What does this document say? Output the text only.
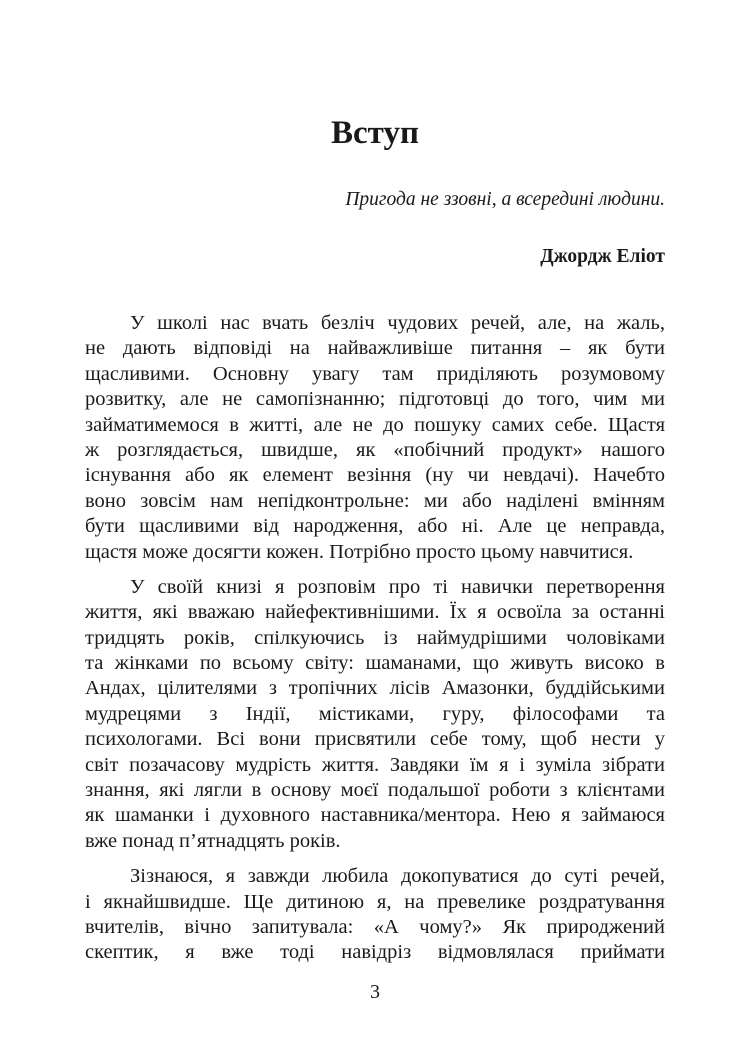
Вступ
Пригода не ззовні, а всередині людини.
Джордж Еліот

У школі нас вчать безліч чудових речей, але, на жаль,
не дають відповіді на найважливіше питання – як бути
щасливими. Основну увагу там приділяють розумовому
розвитку, але не самопізнанню; підготовці до того, чим ми
займатимемося в житті, але не до пошуку самих себе. Щастя
ж розглядається, швидше, як «побічний продукт» нашого
існування або як елемент везіння (ну чи невдачі). Начебто
воно зовсім нам непідконтрольне: ми або наділені вмінням
бути щасливими від народження, або ні. Але це неправда,
щастя може досягти кожен. Потрібно просто цьому навчитися.

У своїй книзі я розповім про ті навички перетворення
життя, які вважаю найефективнішими. Їх я освоїла за останні
тридцять років, спілкуючись із наймудрішими чоловіками
та жінками по всьому світу: шаманами, що живуть високо в
Андах, цілителями з тропічних лісів Амазонки, буддійськими
мудрецями з Індії, містиками, гуру, філософами та
психологами. Всі вони присвятили себе тому, щоб нести у
світ позачасову мудрість життя. Завдяки їм я і зуміла зібрати
знання, які лягли в основу моєї подальшої роботи з клієнтами
як шаманки і духовного наставника/ментора. Нею я займаюся
вже понад п’ятнадцять років.

Зізнаюся, я завжди любила докопуватися до суті речей,
і якнайшвидше. Ще дитиною я, на превелике роздратування
вчителів, вічно запитувала: «А чому?» Як природжений
скептик, я вже тоді навідріз відмовлялася приймати

3
